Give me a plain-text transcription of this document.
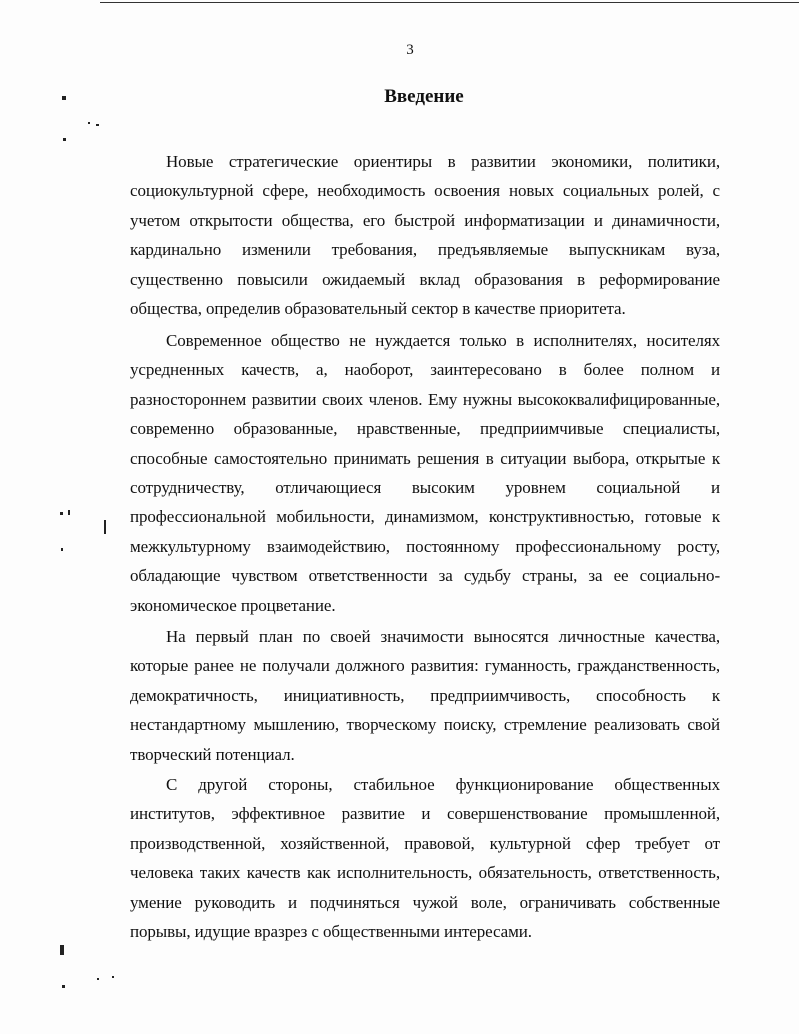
3
Введение

Новые стратегические ориентиры в развитии экономики, политики, социокультурной сфере, необходимость освоения новых социальных ролей, с учетом открытости общества, его быстрой информатизации и динамичности, кардинально изменили требования, предъявляемые выпускникам вуза, существенно повысили ожидаемый вклад образования в реформирование общества, определив образовательный сектор в качестве приоритета.

Современное общество не нуждается только в исполнителях, носителях усредненных качеств, а, наоборот, заинтересовано в более полном и разностороннем развитии своих членов. Ему нужны высококвалифицированные, современно образованные, нравственные, предприимчивые специалисты, способные самостоятельно принимать решения в ситуации выбора, открытые к сотрудничеству, отличающиеся высоким уровнем социальной и профессиональной мобильности, динамизмом, конструктивностью, готовые к межкультурному взаимодействию, постоянному профессиональному росту, обладающие чувством ответственности за судьбу страны, за ее социально-экономическое процветание.

На первый план по своей значимости выносятся личностные качества, которые ранее не получали должного развития: гуманность, гражданственность, демократичность, инициативность, предприимчивость, способность к нестандартному мышлению, творческому поиску, стремление реализовать свой творческий потенциал.

С другой стороны, стабильное функционирование общественных институтов, эффективное развитие и совершенствование промышленной, производственной, хозяйственной, правовой, культурной сфер требует от человека таких качеств как исполнительность, обязательность, ответственность, умение руководить и подчиняться чужой воле, ограничивать собственные порывы, идущие вразрез с общественными интересами.
